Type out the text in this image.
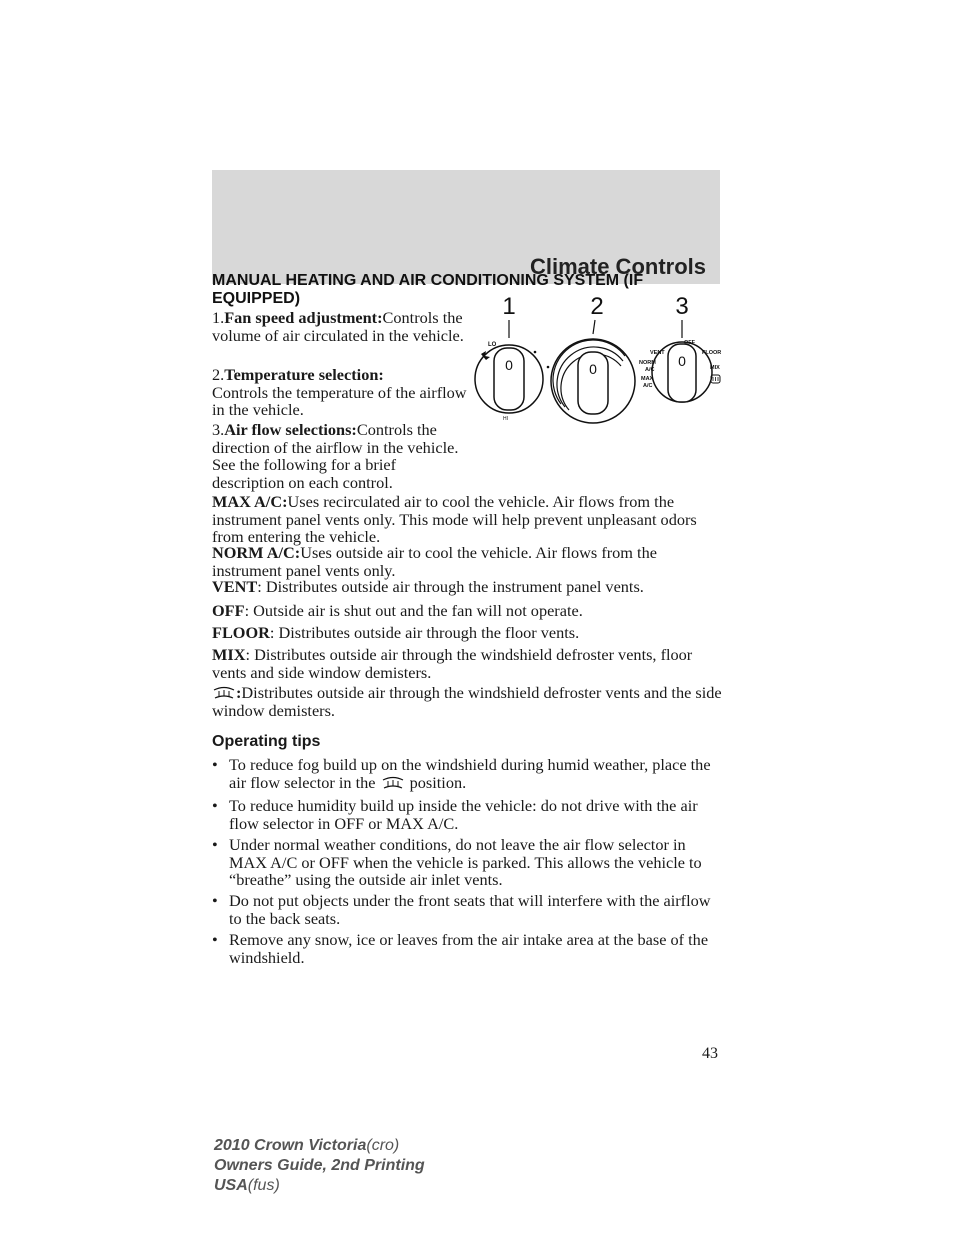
Climate Controls
MANUAL HEATING AND AIR CONDITIONING SYSTEM (IF EQUIPPED)
1.Fan speed adjustment:Controls the volume of air circulated in the vehicle.
2.Temperature selection:
Controls the temperature of the airflow in the vehicle.
3.Air flow selections:Controls the direction of the airflow in the vehicle. See the following for a brief description on each control.
1	2	3
0
LO
HI
0	0
OFF
VENT	FLOOR
NORM
A/C	MIX
MAX
A/C
MAX A/C:Uses recirculated air to cool the vehicle. Air flows from the instrument panel vents only. This mode will help prevent unpleasant odors from entering the vehicle.
NORM A/C:Uses outside air to cool the vehicle. Air flows from the instrument panel vents only.
VENT: Distributes outside air through the instrument panel vents.
OFF: Outside air is shut out and the fan will not operate.
FLOOR: Distributes outside air through the floor vents.
MIX: Distributes outside air through the windshield defroster vents, floor vents and side window demisters.
:Distributes outside air through the windshield defroster vents and the side window demisters.
Operating tips
• To reduce fog build up on the windshield during humid weather, place the air flow selector in the position.
• To reduce humidity build up inside the vehicle: do not drive with the air flow selector in OFF or MAX A/C.
• Under normal weather conditions, do not leave the air flow selector in MAX A/C or OFF when the vehicle is parked. This allows the vehicle to “breathe” using the outside air inlet vents.
• Do not put objects under the front seats that will interfere with the airflow to the back seats.
• Remove any snow, ice or leaves from the air intake area at the base of the windshield.
43
2010 Crown Victoria(cro)
Owners Guide, 2nd Printing
USA(fus)
